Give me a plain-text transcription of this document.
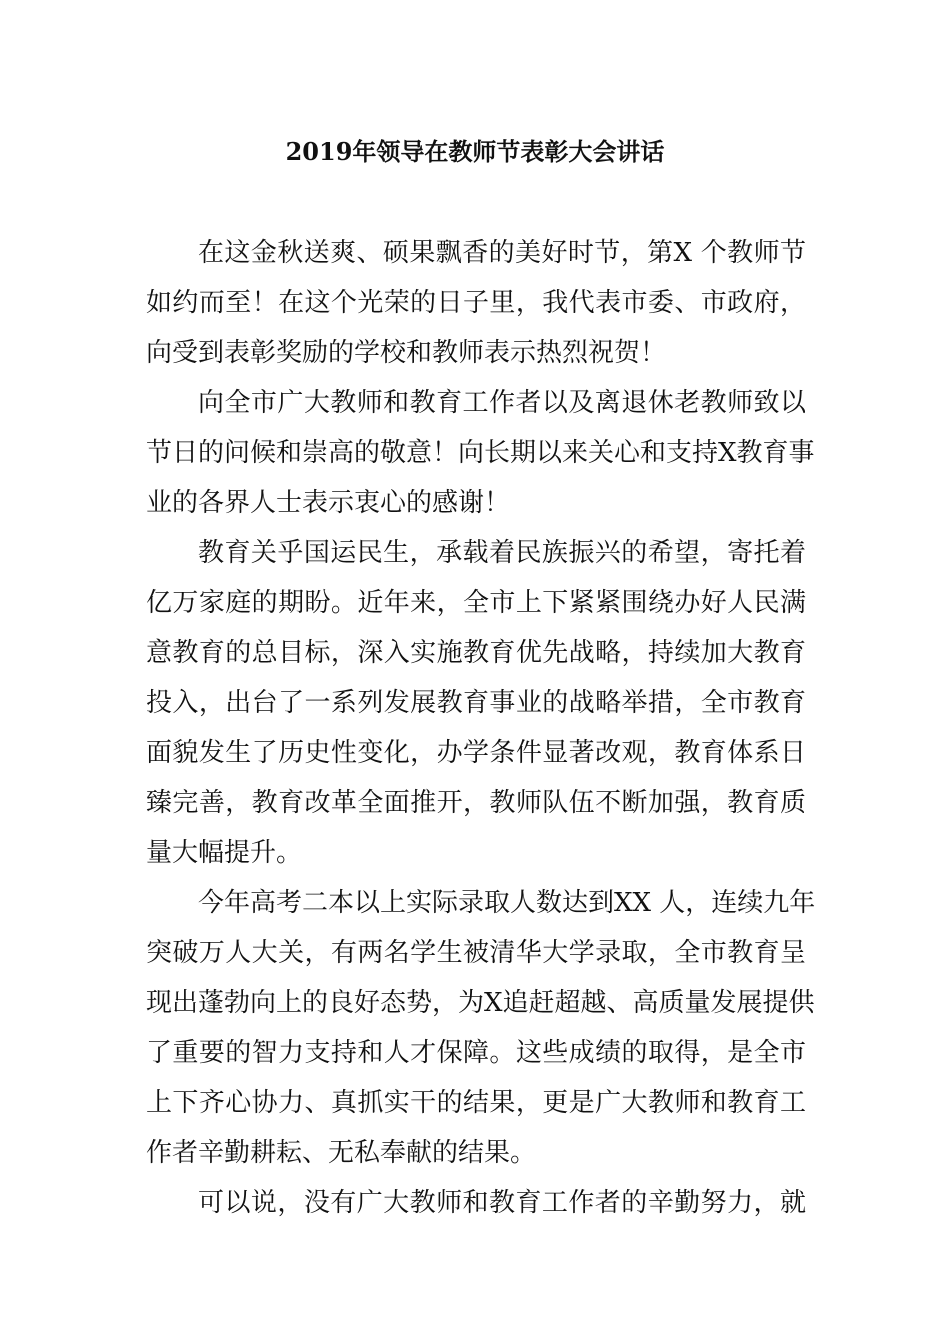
2019年领导在教师节表彰大会讲话
在这金秋送爽、硕果飘香的美好时节，第X 个教师节
如约而至！在这个光荣的日子里，我代表市委、市政府，
向受到表彰奖励的学校和教师表示热烈祝贺！
向全市广大教师和教育工作者以及离退休老教师致以
节日的问候和崇高的敬意！向长期以来关心和支持X教育事
业的各界人士表示衷心的感谢！
教育关乎国运民生，承载着民族振兴的希望，寄托着
亿万家庭的期盼。近年来，全市上下紧紧围绕办好人民满
意教育的总目标，深入实施教育优先战略，持续加大教育
投入，出台了一系列发展教育事业的战略举措，全市教育
面貌发生了历史性变化，办学条件显著改观，教育体系日
臻完善，教育改革全面推开，教师队伍不断加强，教育质
量大幅提升。
今年高考二本以上实际录取人数达到XX 人，连续九年
突破万人大关，有两名学生被清华大学录取，全市教育呈
现出蓬勃向上的良好态势，为X追赶超越、高质量发展提供
了重要的智力支持和人才保障。这些成绩的取得，是全市
上下齐心协力、真抓实干的结果，更是广大教师和教育工
作者辛勤耕耘、无私奉献的结果。
可以说，没有广大教师和教育工作者的辛勤努力，就
